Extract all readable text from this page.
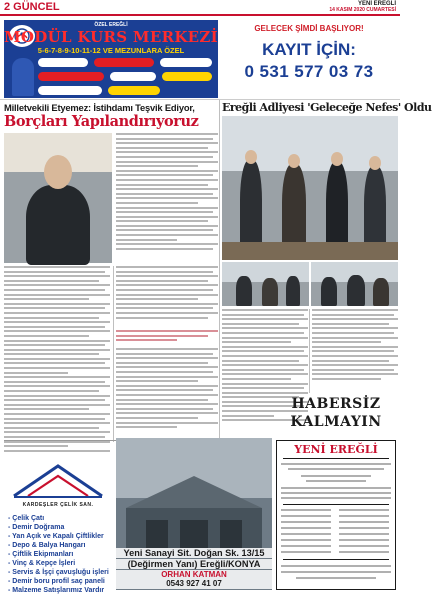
2 GÜNCEL	YENİ EREĞLİ
14 KASIM 2020 CUMARTESİ
ÖZEL EREĞLİ
MODÜL KURS MERKEZİ
5-6-7-8-9-10-11-12 VE MEZUNLARA ÖZEL
GELECEK ŞİMDİ BAŞLIYOR!
KAYIT İÇİN:
0 531 577 03 73
Milletvekili Etyemez: İstihdamı Teşvik Ediyor,
Borçları Yapılandırıyoruz
Ereğli Adliyesi 'Geleceğe Nefes' Oldu
KARDEŞLER ÇELİK SAN.
- Çelik Çatı
- Demir Doğrama
- Yan Açık ve Kapalı Çiftlikler
- Depo & Balya Hangarı
- Çiftlik Ekipmanları
- Vinç & Kepçe İşleri
- Servis & İşçi çavuşluğu işleri
- Demir boru profil saç paneli
- Malzeme Satışlarımız Vardır
Yeni Sanayi Sit. Doğan Sk. 13/15
(Değirmen Yanı) Ereğli/KONYA
ORHAN KATMAN
0543 927 41 07
HABERSİZ
KALMAYIN
YENİ EREĞLİ
